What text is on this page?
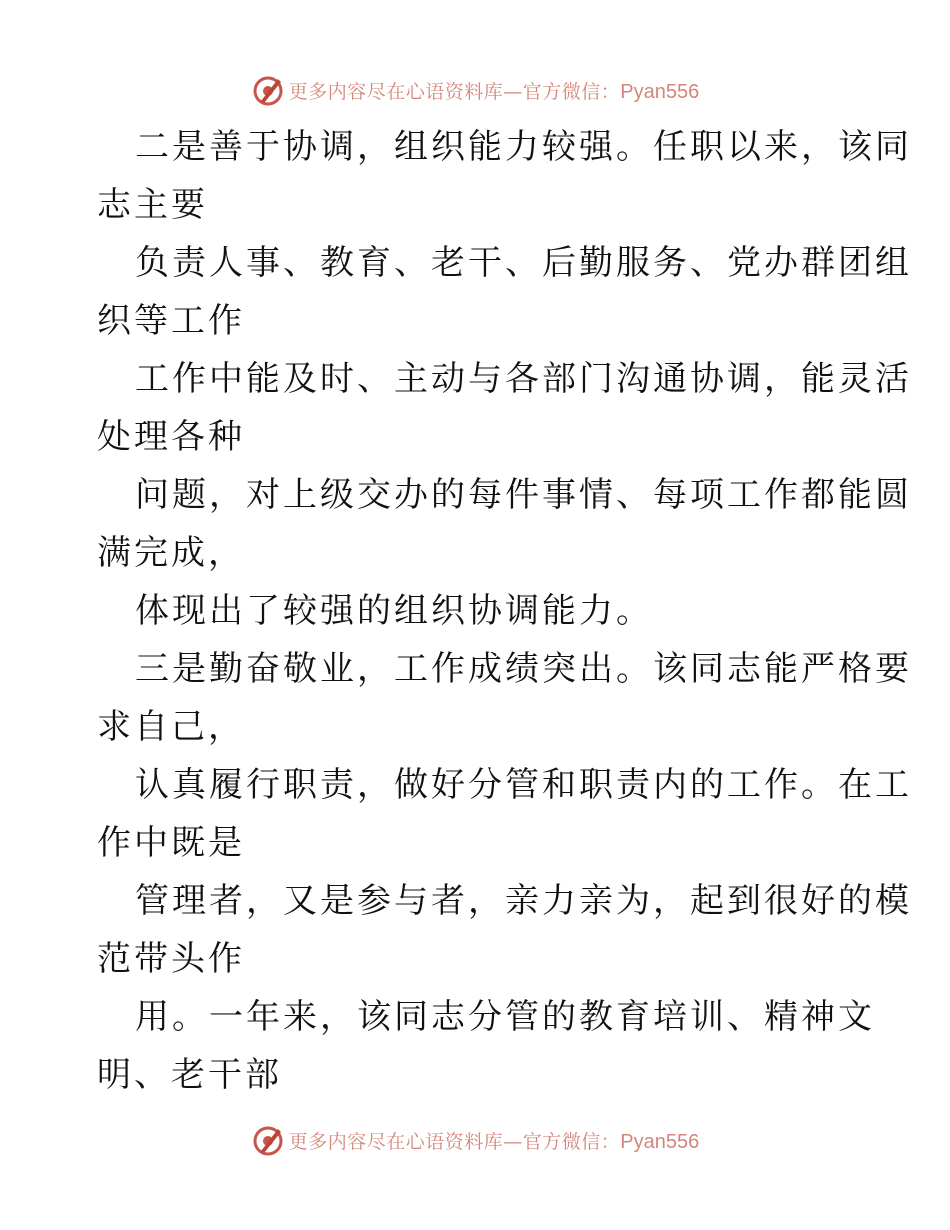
更多内容尽在心语资料库—官方微信：Pyan556
二是善于协调，组织能力较强。任职以来，该同
志主要
负责人事、教育、老干、后勤服务、党办群团组
织等工作
工作中能及时、主动与各部门沟通协调，能灵活
处理各种
问题，对上级交办的每件事情、每项工作都能圆
满完成，
体现出了较强的组织协调能力。
三是勤奋敬业，工作成绩突出。该同志能严格要
求自己，
认真履行职责，做好分管和职责内的工作。在工
作中既是
管理者，又是参与者，亲力亲为，起到很好的模
范带头作
用。一年来，该同志分管的教育培训、精神文
明、老干部
更多内容尽在心语资料库—官方微信：Pyan556
